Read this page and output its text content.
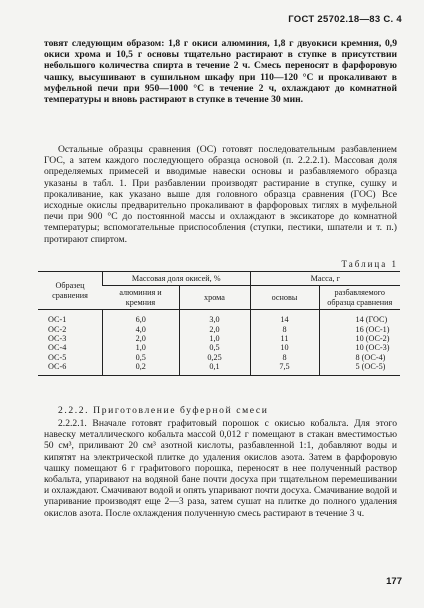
ГОСТ 25702.18—83 С. 4

товят следующим образом: 1,8 г окиси алюминия, 1,8 г двуокиси кремния, 0,9 окиси хрома и 10,5 г основы тщательно растирают в ступке в присутствии небольшого количества спирта в течение 2 ч. Смесь переносят в фарфоровую чашку, высушивают в сушильном шкафу при 110—120 °C и прокаливают в муфельной печи при 950—1000 °C в течение 2 ч, охлаждают до комнатной температуры и вновь растирают в ступке в течение 30 мин.

Остальные образцы сравнения (ОС) готовят последовательным разбавлением ГОС, а затем каждого последующего образца основой (п. 2.2.2.1). Массовая доля определяемых примесей и вводимые навески основы и разбавляемого образца указаны в табл. 1. При разбавлении производят растирание в ступке, сушку и прокаливание, как указано выше для головного образца сравнения (ГОС) Все исходные окислы предварительно прокаливают в фарфоровых тиглях в муфельной печи при 900 °C до постоянной массы и охлаждают в эксикаторе до комнатной температуры; вспомогательные приспособления (ступки, пестики, шпатели и т. п.) протирают спиртом.

Таблица 1
Образец сравнения	Массовая доля окисей, %		Масса, г	
	алюминия и кремния	хрома	основы	разбавляемого образца сравнения
ОС-1	6,0	3,0	14	14 (ГОС)
ОС-2	4,0	2,0	8	16 (ОС-1)
ОС-3	2,0	1,0	11	10 (ОС-2)
ОС-4	1,0	0,5	10	10 (ОС-3)
ОС-5	0,5	0,25	8	8 (ОС-4)
ОС-6	0,2	0,1	7,5	5 (ОС-5)
2.2.2. Приготовление буферной смеси

2.2.2.1. Вначале готовят графитовый порошок с окисью кобальта. Для этого навеску металлического кобальта массой 0,012 г помещают в стакан вместимостью 50 см³, приливают 20 см³ азотной кислоты, разбавленной 1:1, добавляют воды и кипятят на электрической плитке до удаления окислов азота. Затем в фарфоровую чашку помещают 6 г графитового порошка, переносят в нее полученный раствор кобальта, упаривают на водяной бане почти досуха при тщательном перемешивании и охлаждают. Смачивают водой и опять упаривают почти досуха. Смачивание водой и упаривание производят еще 2—3 раза, затем сушат на плитке до полного удаления окислов азота. После охлаждения полученную смесь растирают в течение 3 ч.

177
